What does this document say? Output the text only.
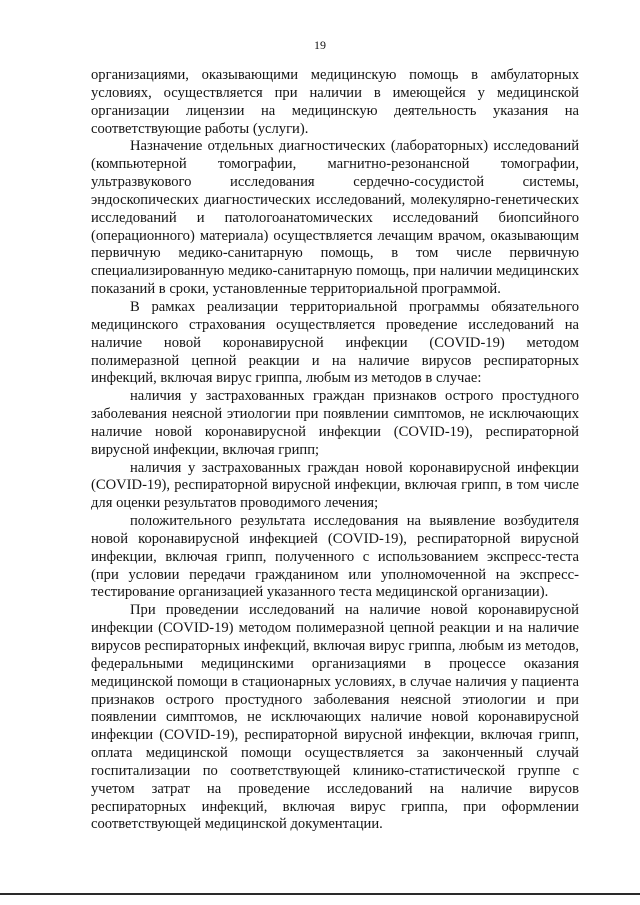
19

организациями, оказывающими медицинскую помощь в амбулаторных условиях, осуществляется при наличии в имеющейся у медицинской организации лицензии на медицинскую деятельность указания на соответствующие работы (услуги).

Назначение отдельных диагностических (лабораторных) исследований (компьютерной томографии, магнитно-резонансной томографии, ультразвукового исследования сердечно-сосудистой системы, эндоскопических диагностических исследований, молекулярно-генетических исследований и патологоанатомических исследований биопсийного (операционного) материала) осуществляется лечащим врачом, оказывающим первичную медико-санитарную помощь, в том числе первичную специализированную медико-санитарную помощь, при наличии медицинских показаний в сроки, установленные территориальной программой.

В рамках реализации территориальной программы обязательного медицинского страхования осуществляется проведение исследований на наличие новой коронавирусной инфекции (COVID-19) методом полимеразной цепной реакции и на наличие вирусов респираторных инфекций, включая вирус гриппа, любым из методов в случае:

наличия у застрахованных граждан признаков острого простудного заболевания неясной этиологии при появлении симптомов, не исключающих наличие новой коронавирусной инфекции (COVID-19), респираторной вирусной инфекции, включая грипп;

наличия у застрахованных граждан новой коронавирусной инфекции (COVID-19), респираторной вирусной инфекции, включая грипп, в том числе для оценки результатов проводимого лечения;

положительного результата исследования на выявление возбудителя новой коронавирусной инфекцией (COVID-19), респираторной вирусной инфекции, включая грипп, полученного с использованием экспресс-теста (при условии передачи гражданином или уполномоченной на экспресс-тестирование организацией указанного теста медицинской организации).

При проведении исследований на наличие новой коронавирусной инфекции (COVID-19) методом полимеразной цепной реакции и на наличие вирусов респираторных инфекций, включая вирус гриппа, любым из методов, федеральными медицинскими организациями в процессе оказания медицинской помощи в стационарных условиях, в случае наличия у пациента признаков острого простудного заболевания неясной этиологии и при появлении симптомов, не исключающих наличие новой коронавирусной инфекции (COVID-19), респираторной вирусной инфекции, включая грипп, оплата медицинской помощи осуществляется за законченный случай госпитализации по соответствующей клинико-статистической группе с учетом затрат на проведение исследований на наличие вирусов респираторных инфекций, включая вирус гриппа, при оформлении соответствующей медицинской документации.
